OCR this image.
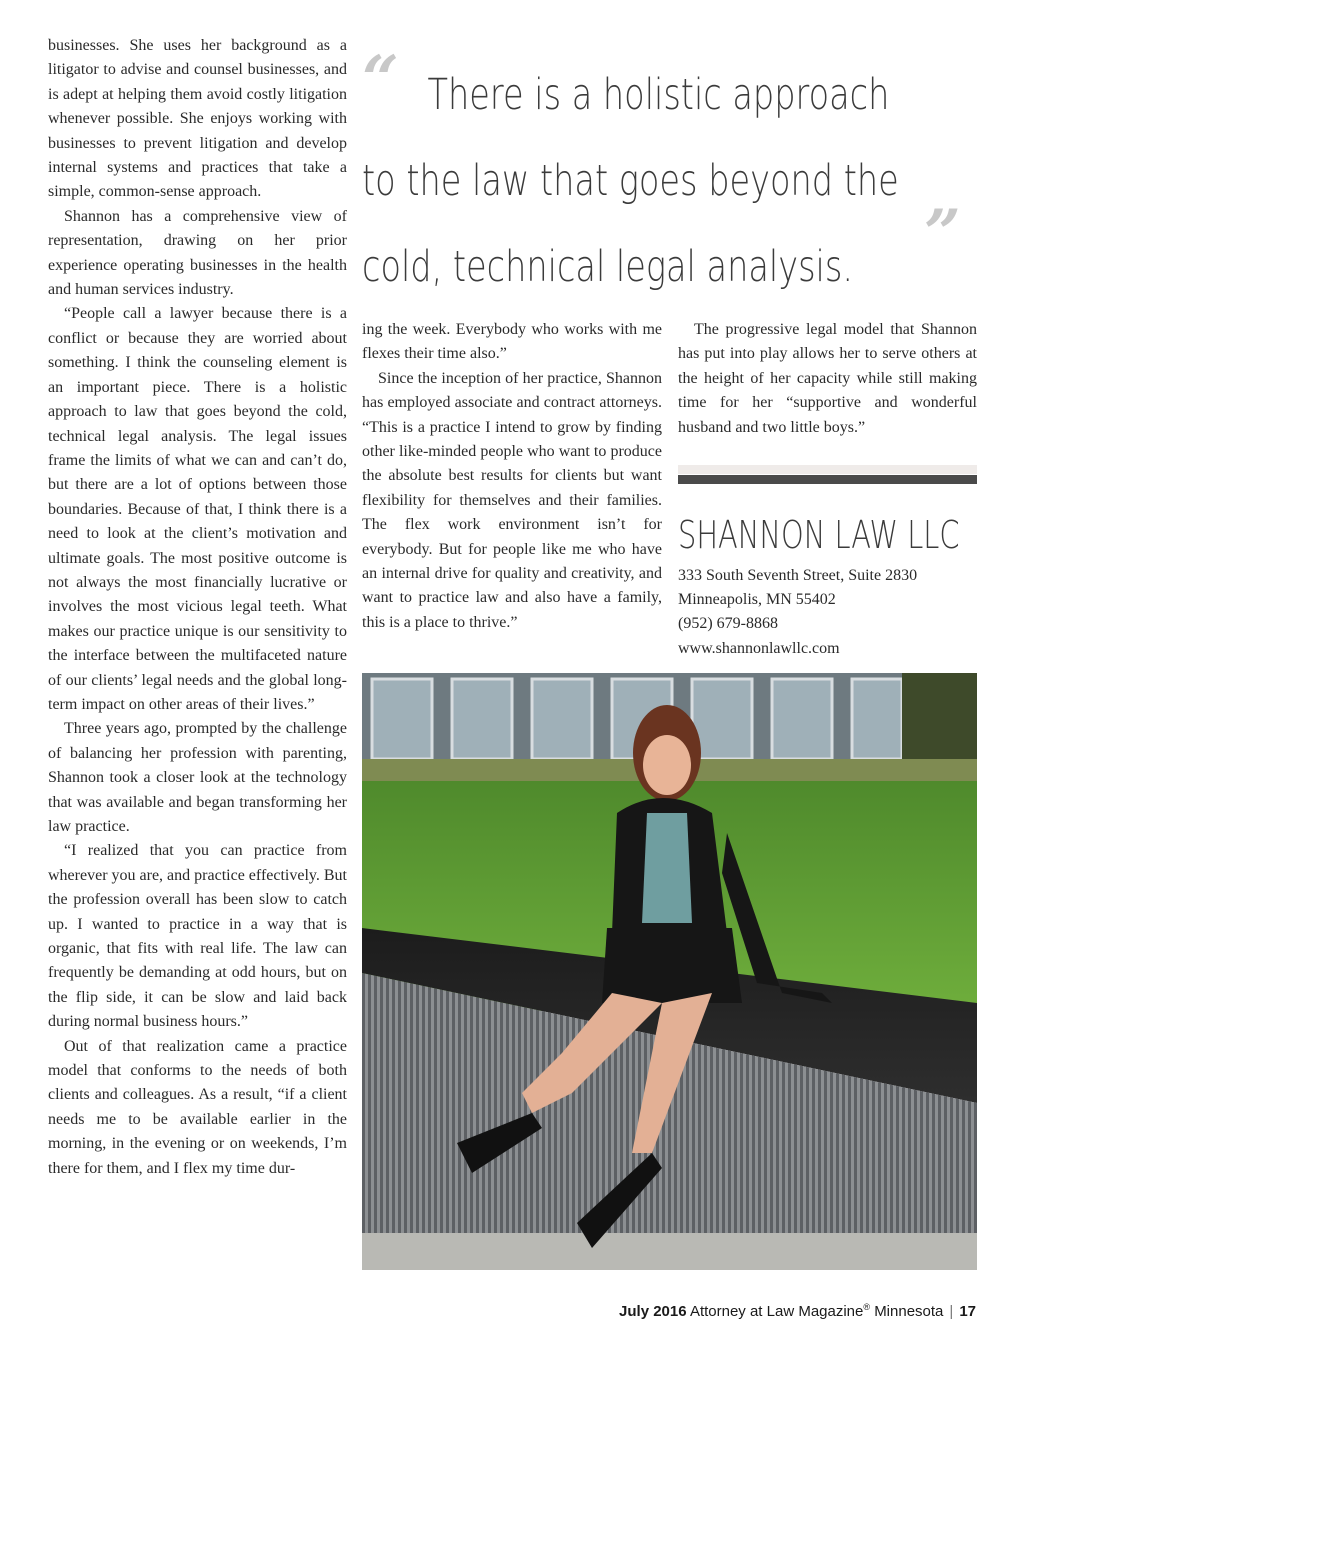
businesses. She uses her background as a litigator to advise and counsel businesses, and is adept at helping them avoid costly litigation whenever possible. She enjoys working with businesses to prevent litigation and develop internal systems and practices that take a simple, common-sense approach.

Shannon has a comprehensive view of representation, drawing on her prior experience operating businesses in the health and human services industry.

“People call a lawyer because there is a conflict or because they are worried about something. I think the counseling element is an important piece. There is a holistic approach to law that goes beyond the cold, technical legal analysis. The legal issues frame the limits of what we can and can’t do, but there are a lot of options between those boundaries. Because of that, I think there is a need to look at the client’s motivation and ultimate goals. The most positive outcome is not always the most financially lucrative or involves the most vicious legal teeth. What makes our practice unique is our sensitivity to the interface between the multifaceted nature of our clients’ legal needs and the global long-term impact on other areas of their lives.”

Three years ago, prompted by the challenge of balancing her profession with parenting, Shannon took a closer look at the technology that was available and began transforming her law practice.

“I realized that you can practice from wherever you are, and practice effectively. But the profession overall has been slow to catch up. I wanted to practice in a way that is organic, that fits with real life. The law can frequently be demanding at odd hours, but on the flip side, it can be slow and laid back during normal business hours.”

Out of that realization came a practice model that conforms to the needs of both clients and colleagues. As a result, “if a client needs me to be available earlier in the morning, in the evening or on weekends, I’m there for them, and I flex my time dur-

“ There is a holistic approach
to the law that goes beyond the
cold, technical legal analysis. ”

ing the week. Everybody who works with me flexes their time also.”

Since the inception of her practice, Shannon has employed associate and contract attorneys. “This is a practice I intend to grow by finding other like-minded people who want to produce the absolute best results for clients but want flexibility for themselves and their families. The flex work environment isn’t for everybody. But for people like me who have an internal drive for quality and creativity, and want to practice law and also have a family, this is a place to thrive.”

The progressive legal model that Shannon has put into play allows her to serve others at the height of her capacity while still making time for her “supportive and wonderful husband and two little boys.”

SHANNON LAW LLC
333 South Seventh Street, Suite 2830
Minneapolis, MN 55402
(952) 679-8868
www.shannonlawllc.com
Eclipse Productions
July 2016 Attorney at Law Magazine® Minnesota | 17
